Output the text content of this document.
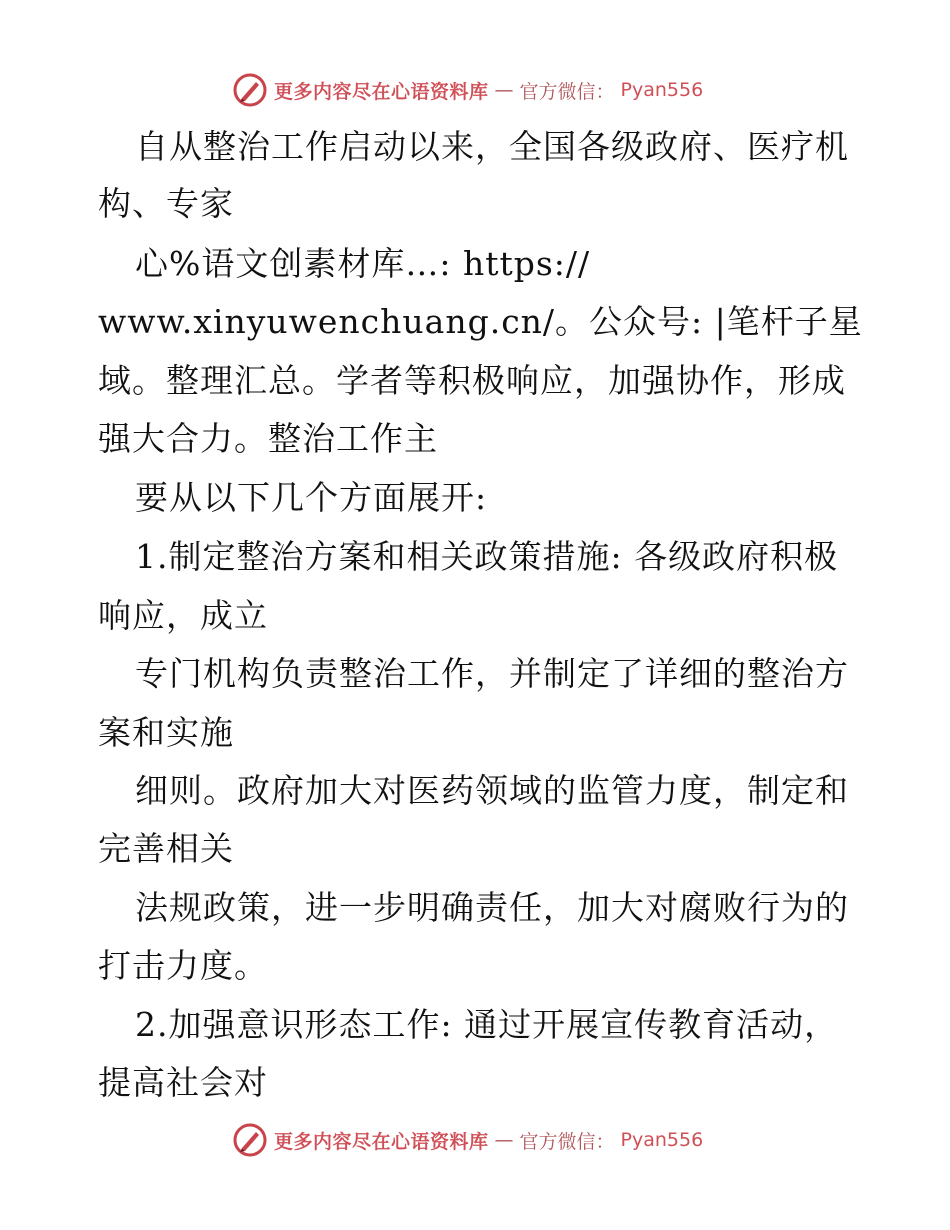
更多内容尽在心语资料库 — 官方微信： Pyan556
自从整治工作启动以来，全国各级政府、医疗机
构、专家
心%语文创素材库…: https://
www.xinyuwenchuang.cn/。公众号: |笔杆子星
域。整理汇总。学者等积极响应，加强协作，形成
强大合力。整治工作主
要从以下几个方面展开:
1.制定整治方案和相关政策措施: 各级政府积极
响应，成立
专门机构负责整治工作，并制定了详细的整治方
案和实施
细则。政府加大对医药领域的监管力度，制定和
完善相关
法规政策，进一步明确责任，加大对腐败行为的
打击力度。
2.加强意识形态工作: 通过开展宣传教育活动，
提高社会对
更多内容尽在心语资料库 — 官方微信： Pyan556
